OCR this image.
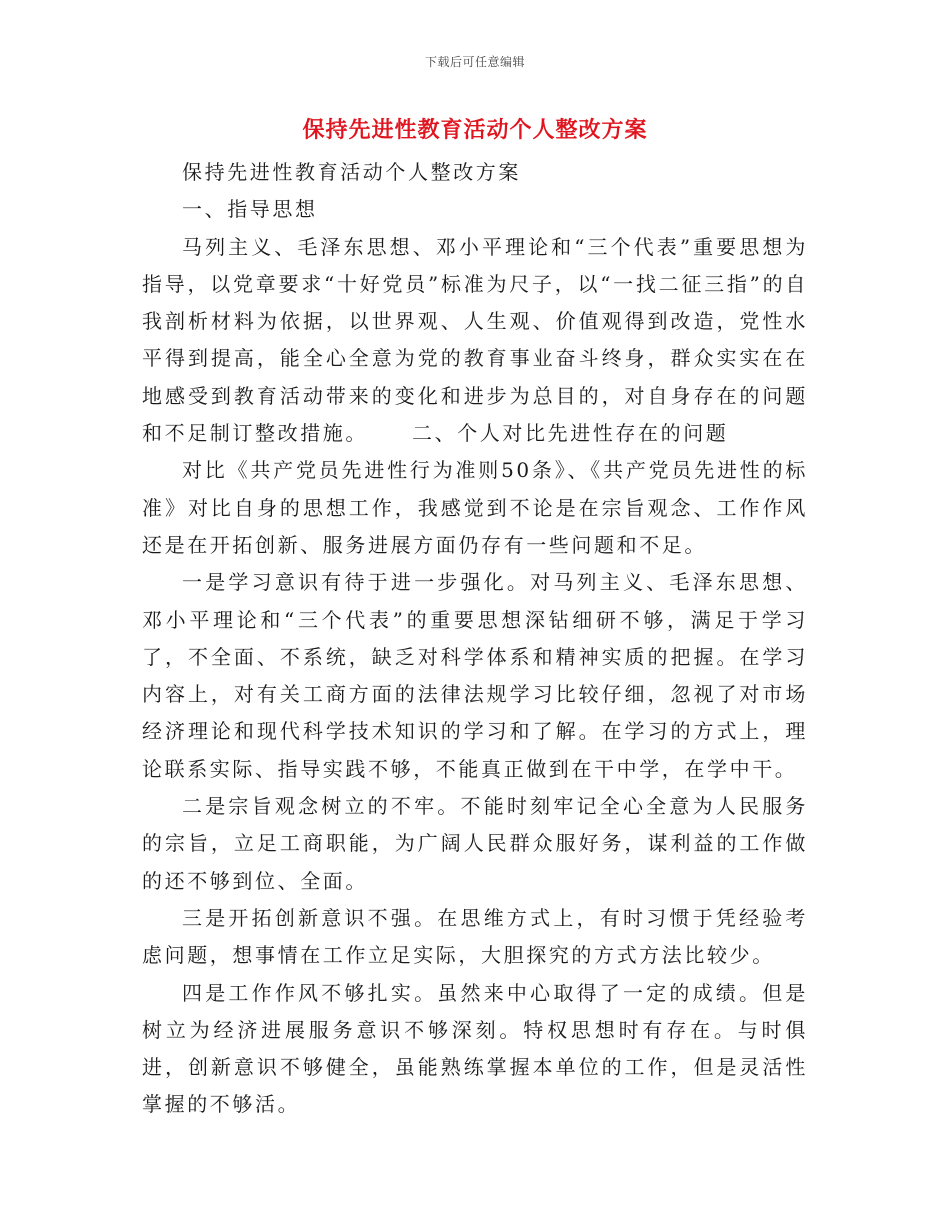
下载后可任意编辑
保持先进性教育活动个人整改方案

保持先进性教育活动个人整改方案

一、指导思想

马列主义、毛泽东思想、邓小平理论和“三个代表”重要思想为指导，以党章要求“十好党员”标准为尺子，以“一找二征三指”的自我剖析材料为依据，以世界观、人生观、价值观得到改造，党性水平得到提高，能全心全意为党的教育事业奋斗终身，群众实实在在地感受到教育活动带来的变化和进步为总目的，对自身存在的问题和不足制订整改措施。 二、个人对比先进性存在的问题

对比《共产党员先进性行为准则50条》、《共产党员先进性的标准》对比自身的思想工作，我感觉到不论是在宗旨观念、工作作风还是在开拓创新、服务进展方面仍存有一些问题和不足。

一是学习意识有待于进一步强化。对马列主义、毛泽东思想、邓小平理论和“三个代表”的重要思想深钻细研不够，满足于学习了，不全面、不系统，缺乏对科学体系和精神实质的把握。在学习内容上，对有关工商方面的法律法规学习比较仔细，忽视了对市场经济理论和现代科学技术知识的学习和了解。在学习的方式上，理论联系实际、指导实践不够，不能真正做到在干中学，在学中干。

二是宗旨观念树立的不牢。不能时刻牢记全心全意为人民服务的宗旨，立足工商职能，为广阔人民群众服好务，谋利益的工作做的还不够到位、全面。

三是开拓创新意识不强。在思维方式上，有时习惯于凭经验考虑问题，想事情在工作立足实际，大胆探究的方式方法比较少。

四是工作作风不够扎实。虽然来中心取得了一定的成绩。但是树立为经济进展服务意识不够深刻。特权思想时有存在。与时俱进，创新意识不够健全，虽能熟练掌握本单位的工作，但是灵活性掌握的不够活。
